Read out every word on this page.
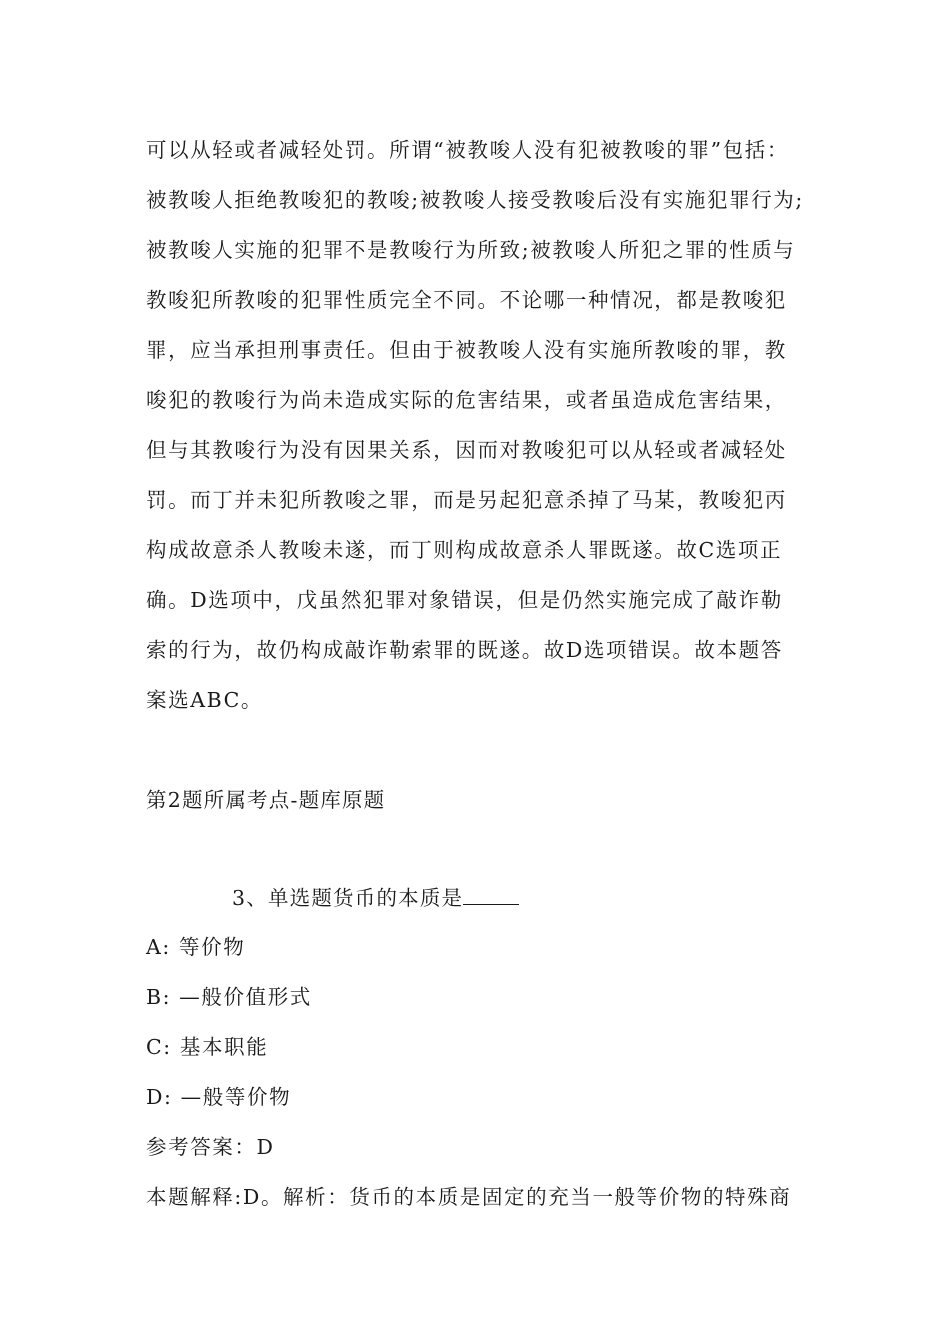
可以从轻或者减轻处罚。所谓“被教唆人没有犯被教唆的罪”包括：
被教唆人拒绝教唆犯的教唆;被教唆人接受教唆后没有实施犯罪行为;
被教唆人实施的犯罪不是教唆行为所致;被教唆人所犯之罪的性质与
教唆犯所教唆的犯罪性质完全不同。不论哪一种情况，都是教唆犯
罪，应当承担刑事责任。但由于被教唆人没有实施所教唆的罪，教
唆犯的教唆行为尚未造成实际的危害结果，或者虽造成危害结果，
但与其教唆行为没有因果关系，因而对教唆犯可以从轻或者减轻处
罚。而丁并未犯所教唆之罪，而是另起犯意杀掉了马某，教唆犯丙
构成故意杀人教唆未遂，而丁则构成故意杀人罪既遂。故C选项正
确。D选项中，戊虽然犯罪对象错误，但是仍然实施完成了敲诈勒
索的行为，故仍构成敲诈勒索罪的既遂。故D选项错误。故本题答
案选ABC。
第2题所属考点-题库原题
3、单选题货币的本质是
A: 等价物
B: —般价值形式
C: 基本职能
D: —般等价物
参考答案：D
本题解释:D。解析：货币的本质是固定的充当一般等价物的特殊商
